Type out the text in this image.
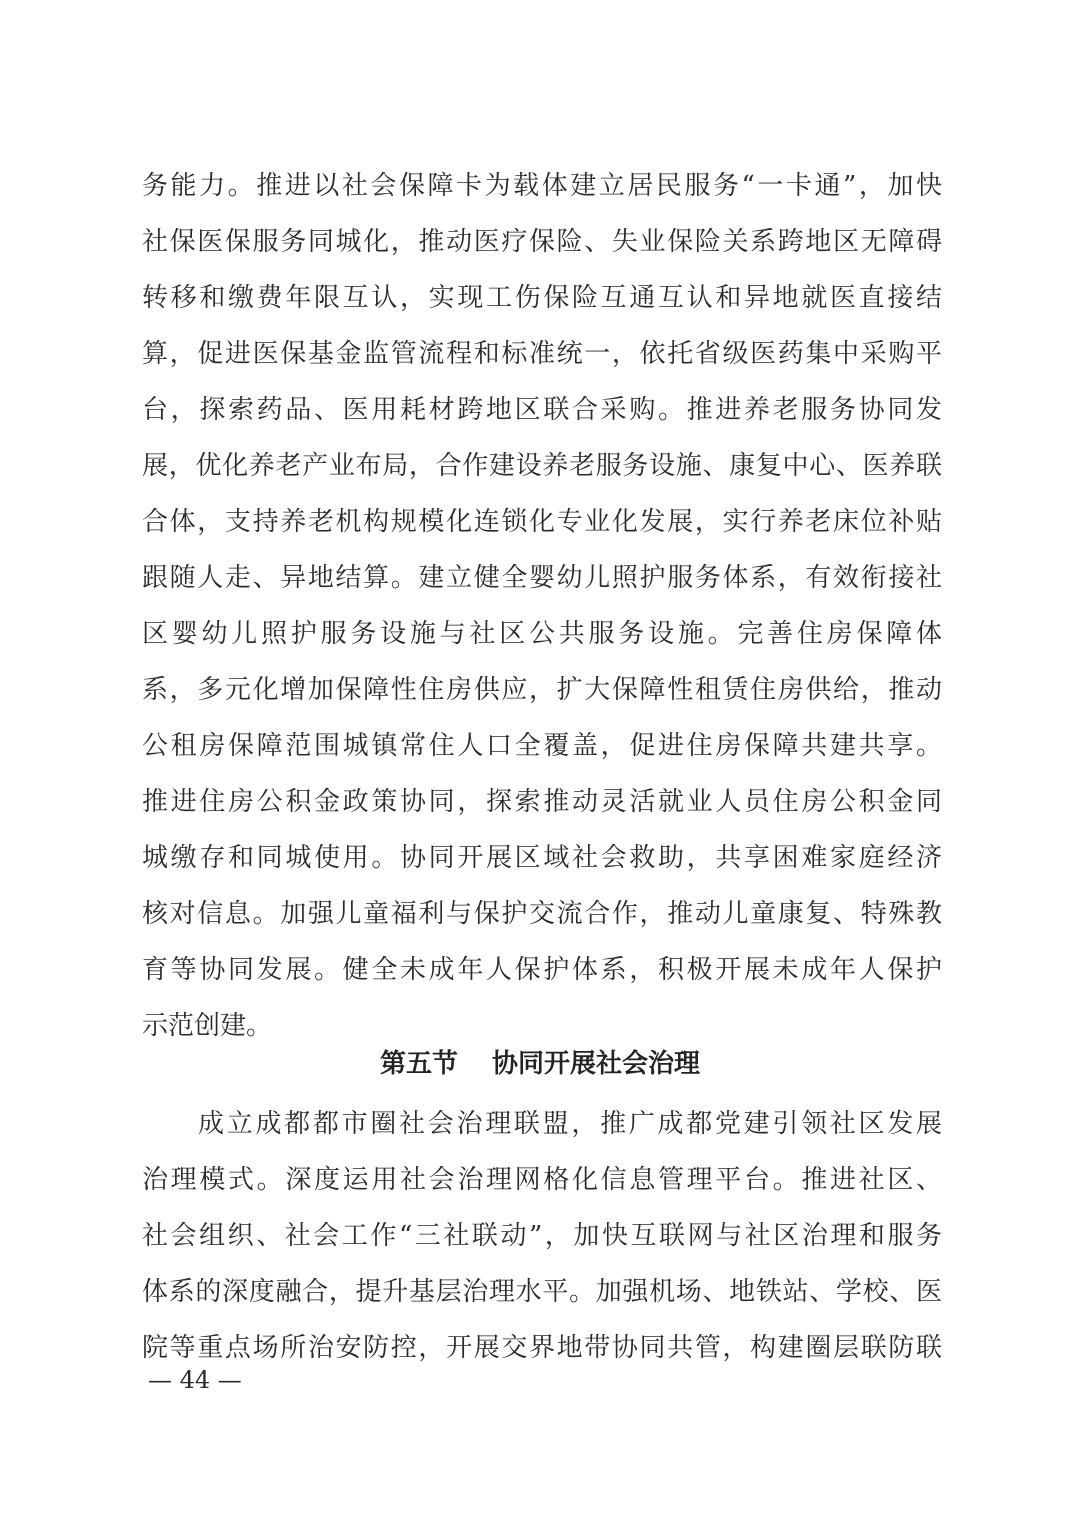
务能力。推进以社会保障卡为载体建立居民服务“一卡通”，加快
社保医保服务同城化，推动医疗保险、失业保险关系跨地区无障碍
转移和缴费年限互认，实现工伤保险互通互认和异地就医直接结
算，促进医保基金监管流程和标准统一，依托省级医药集中采购平
台，探索药品、医用耗材跨地区联合采购。推进养老服务协同发
展，优化养老产业布局，合作建设养老服务设施、康复中心、医养联
合体，支持养老机构规模化连锁化专业化发展，实行养老床位补贴
跟随人走、异地结算。建立健全婴幼儿照护服务体系，有效衔接社
区婴幼儿照护服务设施与社区公共服务设施。完善住房保障体
系，多元化增加保障性住房供应，扩大保障性租赁住房供给，推动
公租房保障范围城镇常住人口全覆盖，促进住房保障共建共享。
推进住房公积金政策协同，探索推动灵活就业人员住房公积金同
城缴存和同城使用。协同开展区域社会救助，共享困难家庭经济
核对信息。加强儿童福利与保护交流合作，推动儿童康复、特殊教
育等协同发展。健全未成年人保护体系，积极开展未成年人保护
示范创建。
第五节 协同开展社会治理
成立成都都市圈社会治理联盟，推广成都党建引领社区发展
治理模式。深度运用社会治理网格化信息管理平台。推进社区、
社会组织、社会工作“三社联动”，加快互联网与社区治理和服务
体系的深度融合，提升基层治理水平。加强机场、地铁站、学校、医
院等重点场所治安防控，开展交界地带协同共管，构建圈层联防联
— 44 —
